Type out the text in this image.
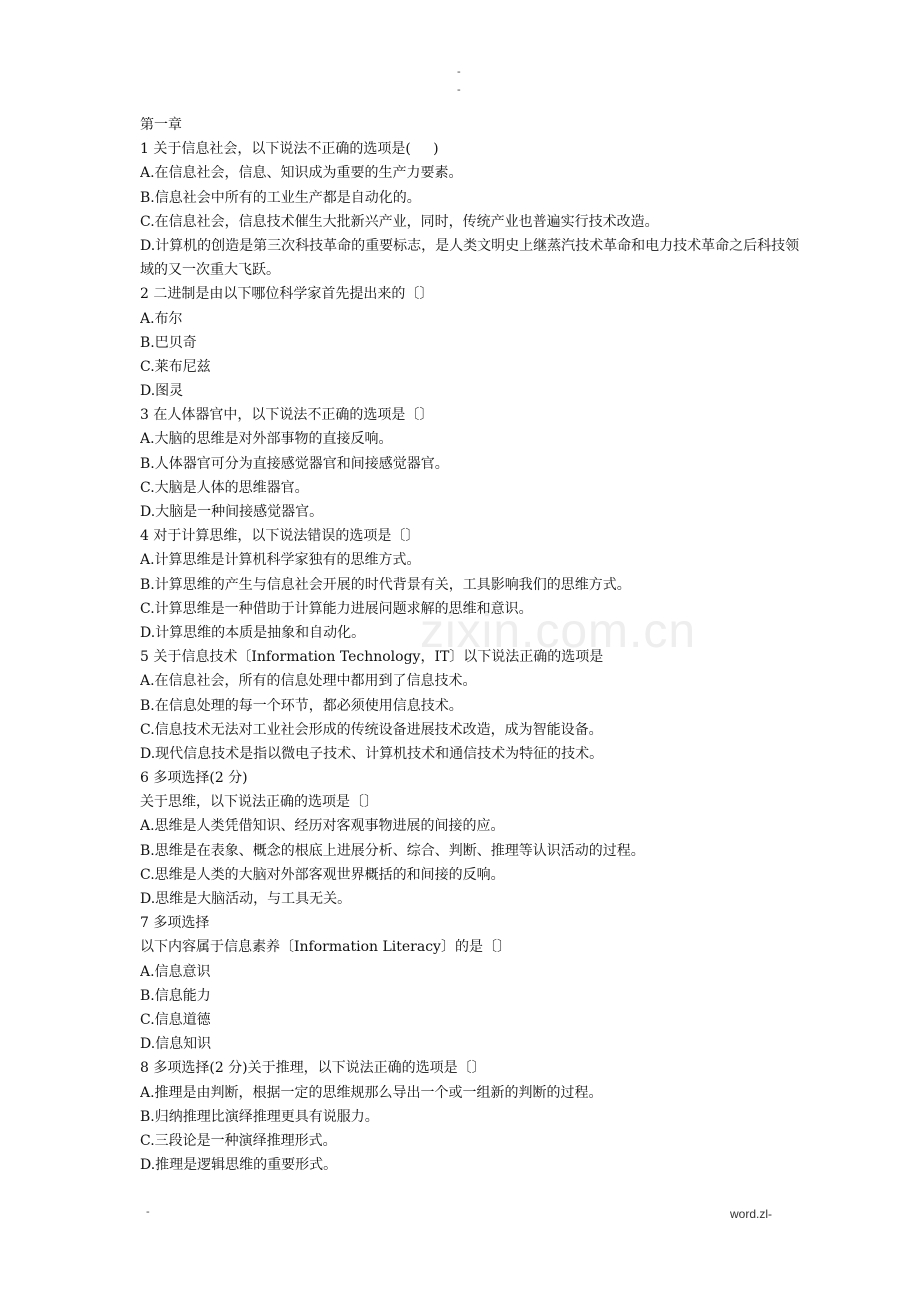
-
-
zixin.com.cn
第一章
1 关于信息社会，以下说法不正确的选项是(     )
A.在信息社会，信息、知识成为重要的生产力要素。
B.信息社会中所有的工业生产都是自动化的。
C.在信息社会，信息技术催生大批新兴产业，同时，传统产业也普遍实行技术改造。
D.计算机的创造是第三次科技革命的重要标志，是人类文明史上继蒸汽技术革命和电力技术革命之后科技领域的又一次重大飞跃。
2 二进制是由以下哪位科学家首先提出来的〔〕
A.布尔
B.巴贝奇
C.莱布尼兹
D.图灵
3 在人体器官中，以下说法不正确的选项是〔〕
A.大脑的思维是对外部事物的直接反响。
B.人体器官可分为直接感觉器官和间接感觉器官。
C.大脑是人体的思维器官。
D.大脑是一种间接感觉器官。
4 对于计算思维，以下说法错误的选项是〔〕
A.计算思维是计算机科学家独有的思维方式。
B.计算思维的产生与信息社会开展的时代背景有关，工具影响我们的思维方式。
C.计算思维是一种借助于计算能力进展问题求解的思维和意识。
D.计算思维的本质是抽象和自动化。
5 关于信息技术〔Information Technology，IT〕以下说法正确的选项是
A.在信息社会，所有的信息处理中都用到了信息技术。
B.在信息处理的每一个环节，都必须使用信息技术。
C.信息技术无法对工业社会形成的传统设备进展技术改造，成为智能设备。
D.现代信息技术是指以微电子技术、计算机技术和通信技术为特征的技术。
6 多项选择(2 分)
关于思维，以下说法正确的选项是〔〕
A.思维是人类凭借知识、经历对客观事物进展的间接的应。
B.思维是在表象、概念的根底上进展分析、综合、判断、推理等认识活动的过程。
C.思维是人类的大脑对外部客观世界概括的和间接的反响。
D.思维是大脑活动，与工具无关。
7 多项选择
以下内容属于信息素养〔Information Literacy〕的是〔〕
A.信息意识
B.信息能力
C.信息道德
D.信息知识
8 多项选择(2 分)关于推理，以下说法正确的选项是〔〕
A.推理是由判断，根据一定的思维规那么导出一个或一组新的判断的过程。
B.归纳推理比演绎推理更具有说服力。
C.三段论是一种演绎推理形式。
D.推理是逻辑思维的重要形式。
-	word.zl-
